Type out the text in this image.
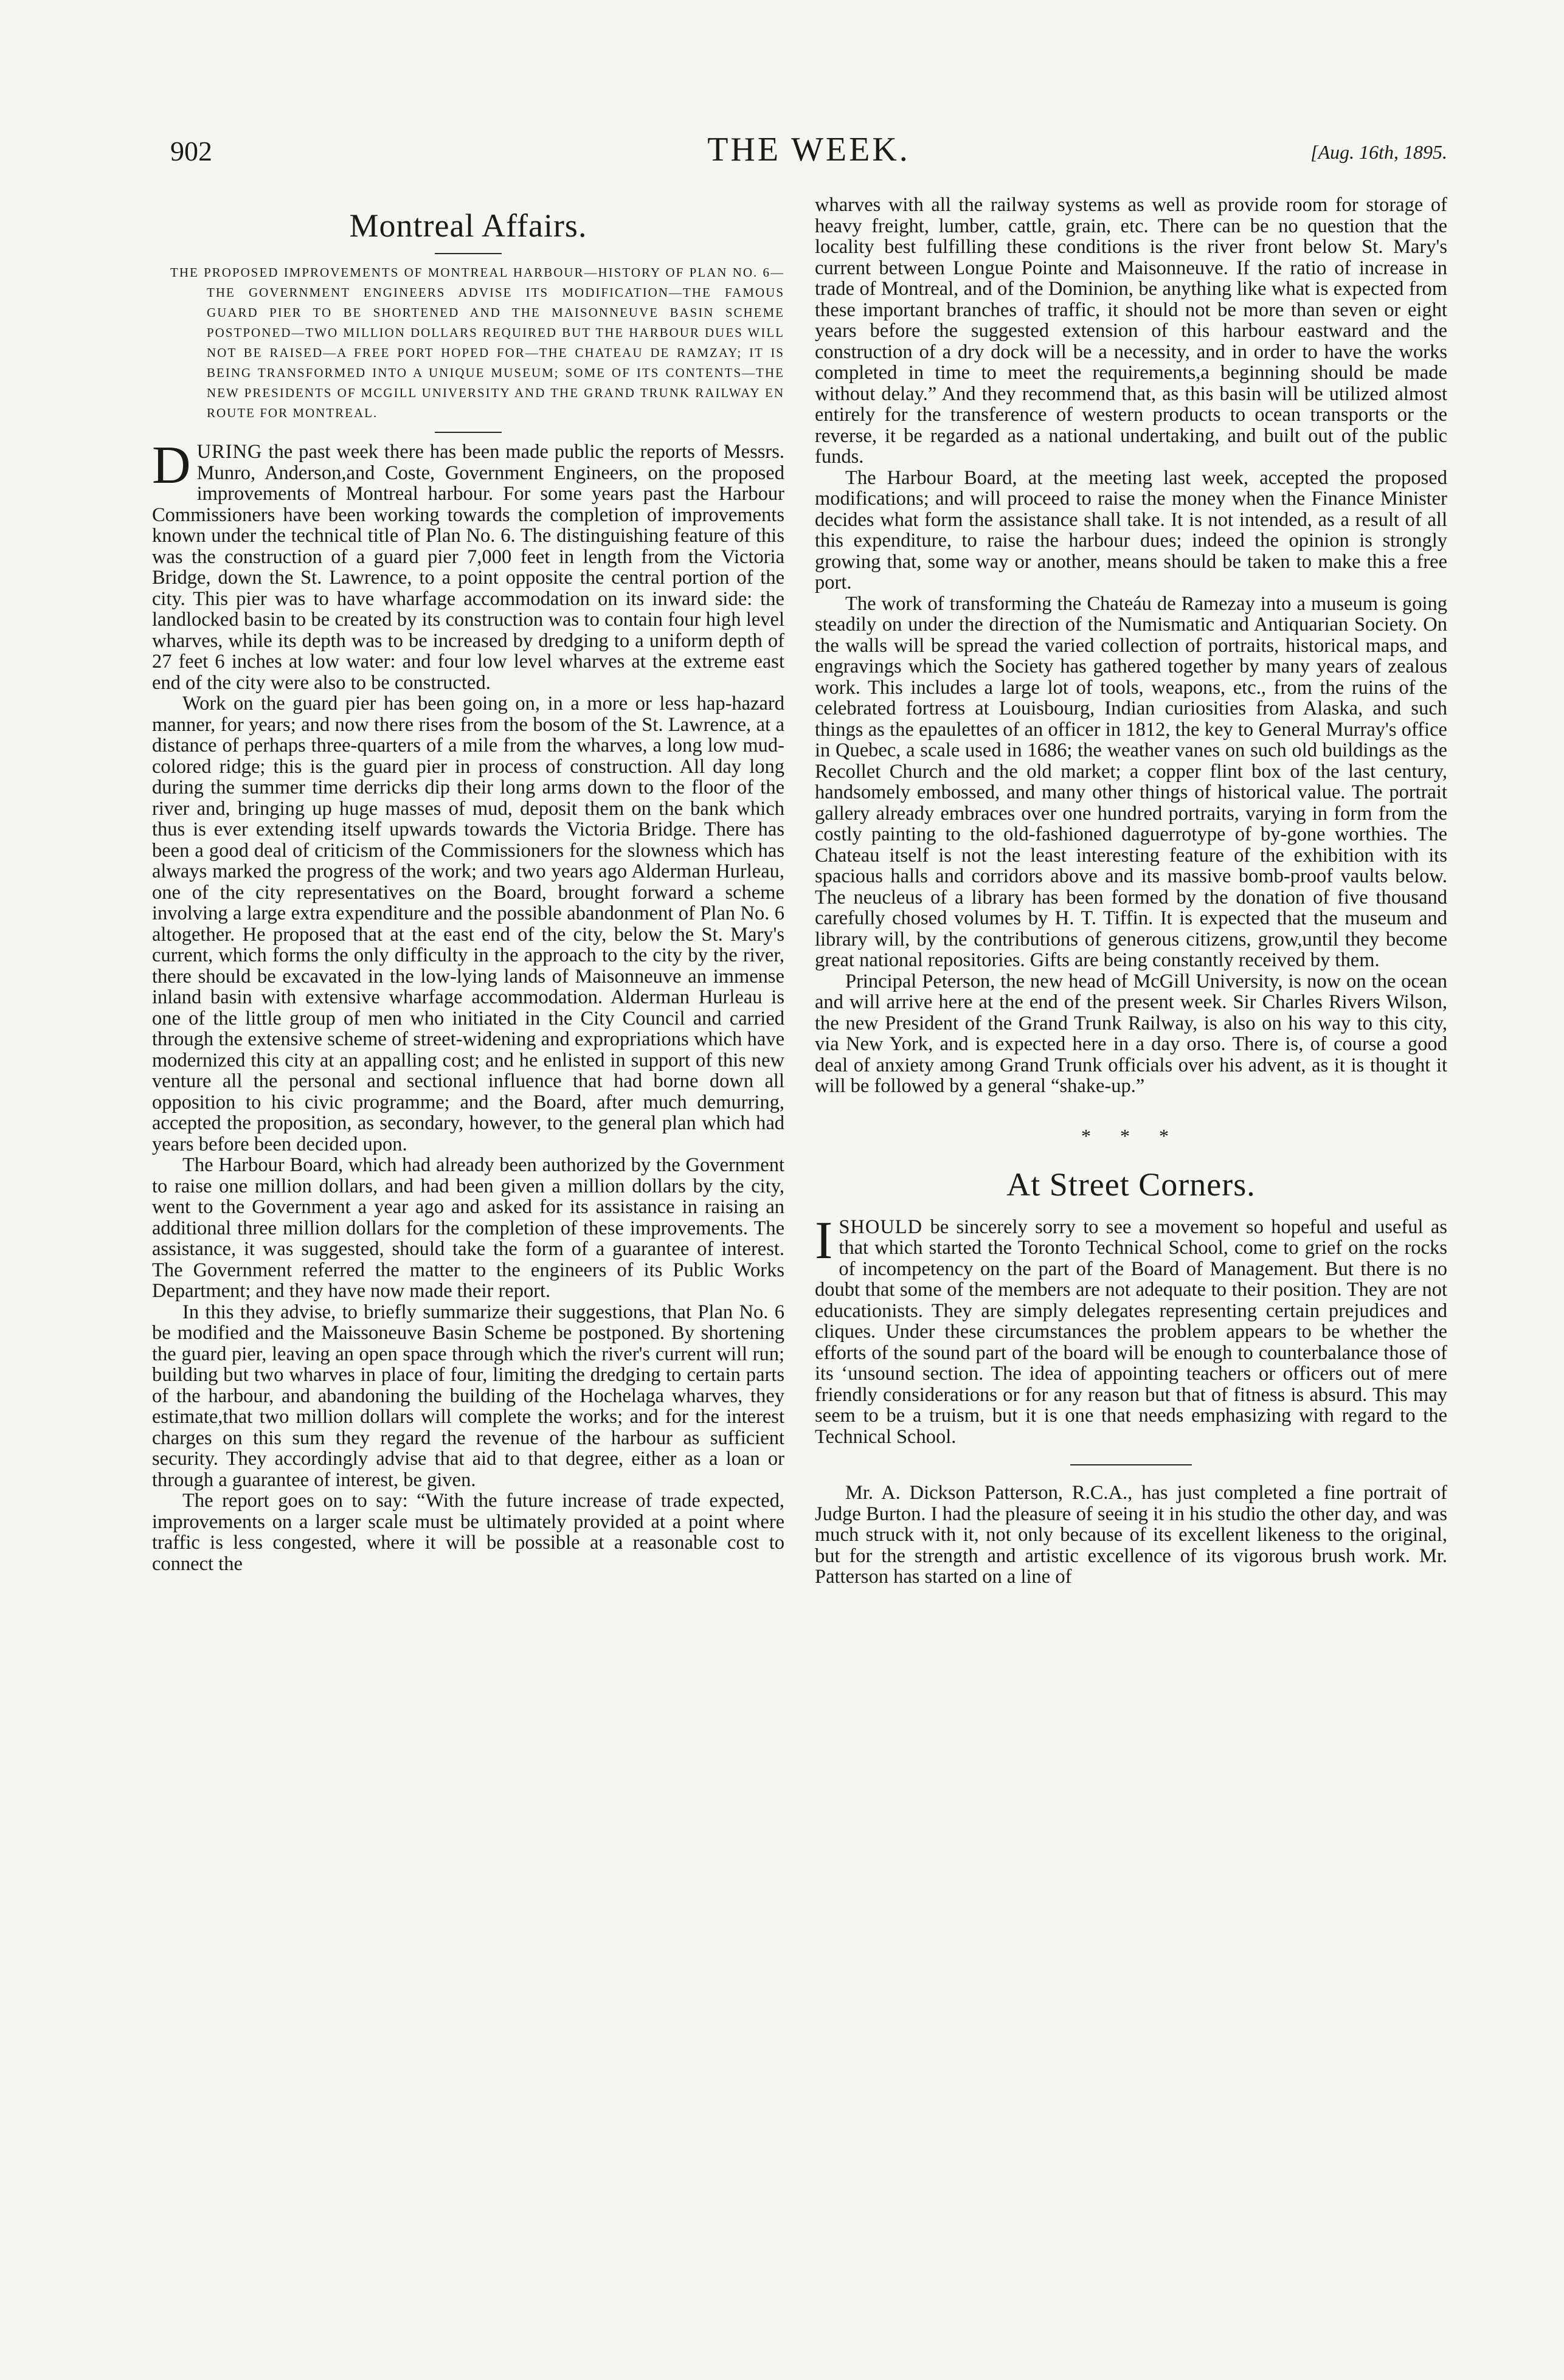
902	THE WEEK.	[Aug. 16th, 1895.
Montreal Affairs.
THE PROPOSED IMPROVEMENTS OF MONTREAL HARBOUR—HISTORY OF PLAN NO. 6—THE GOVERNMENT ENGINEERS ADVISE ITS MODIFICATION—THE FAMOUS GUARD PIER TO BE SHORTENED AND THE MAISONNEUVE BASIN SCHEME POSTPONED—TWO MILLION DOLLARS REQUIRED BUT THE HARBOUR DUES WILL NOT BE RAISED—A FREE PORT HOPED FOR—THE CHATEAU DE RAMZAY; IT IS BEING TRANSFORMED INTO A UNIQUE MUSEUM; SOME OF ITS CONTENTS—THE NEW PRESIDENTS OF MCGILL UNIVERSITY AND THE GRAND TRUNK RAILWAY EN ROUTE FOR MONTREAL.

DURING the past week there has been made public the reports of Messrs. Munro, Anderson,and Coste, Government Engineers, on the proposed improvements of Montreal harbour. For some years past the Harbour Commissioners have been working towards the completion of improvements known under the technical title of Plan No. 6. The distinguishing feature of this was the construction of a guard pier 7,000 feet in length from the Victoria Bridge, down the St. Lawrence, to a point opposite the central portion of the city. This pier was to have wharfage accommodation on its inward side: the landlocked basin to be created by its construction was to contain four high level wharves, while its depth was to be increased by dredging to a uniform depth of 27 feet 6 inches at low water: and four low level wharves at the extreme east end of the city were also to be constructed.

Work on the guard pier has been going on, in a more or less hap-hazard manner, for years; and now there rises from the bosom of the St. Lawrence, at a distance of perhaps three-quarters of a mile from the wharves, a long low mud-colored ridge; this is the guard pier in process of construction. All day long during the summer time derricks dip their long arms down to the floor of the river and, bringing up huge masses of mud, deposit them on the bank which thus is ever extending itself upwards towards the Victoria Bridge. There has been a good deal of criticism of the Commissioners for the slowness which has always marked the progress of the work; and two years ago Alderman Hurleau, one of the city representatives on the Board, brought forward a scheme involving a large extra expenditure and the possible abandonment of Plan No. 6 altogether. He proposed that at the east end of the city, below the St. Mary's current, which forms the only difficulty in the approach to the city by the river, there should be excavated in the low-lying lands of Maisonneuve an immense inland basin with extensive wharfage accommodation. Alderman Hurleau is one of the little group of men who initiated in the City Council and carried through the extensive scheme of street-widening and expropriations which have modernized this city at an appalling cost; and he enlisted in support of this new venture all the personal and sectional influence that had borne down all opposition to his civic programme; and the Board, after much demurring, accepted the proposition, as secondary, however, to the general plan which had years before been decided upon.

The Harbour Board, which had already been authorized by the Government to raise one million dollars, and had been given a million dollars by the city, went to the Government a year ago and asked for its assistance in raising an additional three million dollars for the completion of these improvements. The assistance, it was suggested, should take the form of a guarantee of interest. The Government referred the matter to the engineers of its Public Works Department; and they have now made their report.

In this they advise, to briefly summarize their suggestions, that Plan No. 6 be modified and the Maissoneuve Basin Scheme be postponed. By shortening the guard pier, leaving an open space through which the river's current will run; building but two wharves in place of four, limiting the dredging to certain parts of the harbour, and abandoning the building of the Hochelaga wharves, they estimate,that two million dollars will complete the works; and for the interest charges on this sum they regard the revenue of the harbour as sufficient security. They accordingly advise that aid to that degree, either as a loan or through a guarantee of interest, be given.

The report goes on to say: “With the future increase of trade expected, improvements on a larger scale must be ultimately provided at a point where traffic is less congested, where it will be possible at a reasonable cost to connect the

wharves with all the railway systems as well as provide room for storage of heavy freight, lumber, cattle, grain, etc. There can be no question that the locality best fulfilling these conditions is the river front below St. Mary's current between Longue Pointe and Maisonneuve. If the ratio of increase in trade of Montreal, and of the Dominion, be anything like what is expected from these important branches of traffic, it should not be more than seven or eight years before the suggested extension of this harbour eastward and the construction of a dry dock will be a necessity, and in order to have the works completed in time to meet the requirements,a beginning should be made without delay.” And they recommend that, as this basin will be utilized almost entirely for the transference of western products to ocean transports or the reverse, it be regarded as a national undertaking, and built out of the public funds.

The Harbour Board, at the meeting last week, accepted the proposed modifications; and will proceed to raise the money when the Finance Minister decides what form the assistance shall take. It is not intended, as a result of all this expenditure, to raise the harbour dues; indeed the opinion is strongly growing that, some way or another, means should be taken to make this a free port.

The work of transforming the Chateáu de Ramezay into a museum is going steadily on under the direction of the Numismatic and Antiquarian Society. On the walls will be spread the varied collection of portraits, historical maps, and engravings which the Society has gathered together by many years of zealous work. This includes a large lot of tools, weapons, etc., from the ruins of the celebrated fortress at Louisbourg, Indian curiosities from Alaska, and such things as the epaulettes of an officer in 1812, the key to General Murray's office in Quebec, a scale used in 1686; the weather vanes on such old buildings as the Recollet Church and the old market; a copper flint box of the last century, handsomely embossed, and many other things of historical value. The portrait gallery already embraces over one hundred portraits, varying in form from the costly painting to the old-fashioned daguerrotype of by-gone worthies. The Chateau itself is not the least interesting feature of the exhibition with its spacious halls and corridors above and its massive bomb-proof vaults below. The neucleus of a library has been formed by the donation of five thousand carefully chosed volumes by H. T. Tiffin. It is expected that the museum and library will, by the contributions of generous citizens, grow,until they become great national repositories. Gifts are being constantly received by them.

Principal Peterson, the new head of McGill University, is now on the ocean and will arrive here at the end of the present week. Sir Charles Rivers Wilson, the new President of the Grand Trunk Railway, is also on his way to this city, via New York, and is expected here in a day orso. There is, of course a good deal of anxiety among Grand Trunk officials over his advent, as it is thought it will be followed by a general “shake-up.”

* * *
At Street Corners.

ISHOULD be sincerely sorry to see a movement so hopeful and useful as that which started the Toronto Technical School, come to grief on the rocks of incompetency on the part of the Board of Management. But there is no doubt that some of the members are not adequate to their position. They are not educationists. They are simply delegates representing certain prejudices and cliques. Under these circumstances the problem appears to be whether the efforts of the sound part of the board will be enough to counterbalance those of its ‘unsound section. The idea of appointing teachers or officers out of mere friendly considerations or for any reason but that of fitness is absurd. This may seem to be a truism, but it is one that needs emphasizing with regard to the Technical School.

Mr. A. Dickson Patterson, R.C.A., has just completed a fine portrait of Judge Burton. I had the pleasure of seeing it in his studio the other day, and was much struck with it, not only because of its excellent likeness to the original, but for the strength and artistic excellence of its vigorous brush work. Mr. Patterson has started on a line of
